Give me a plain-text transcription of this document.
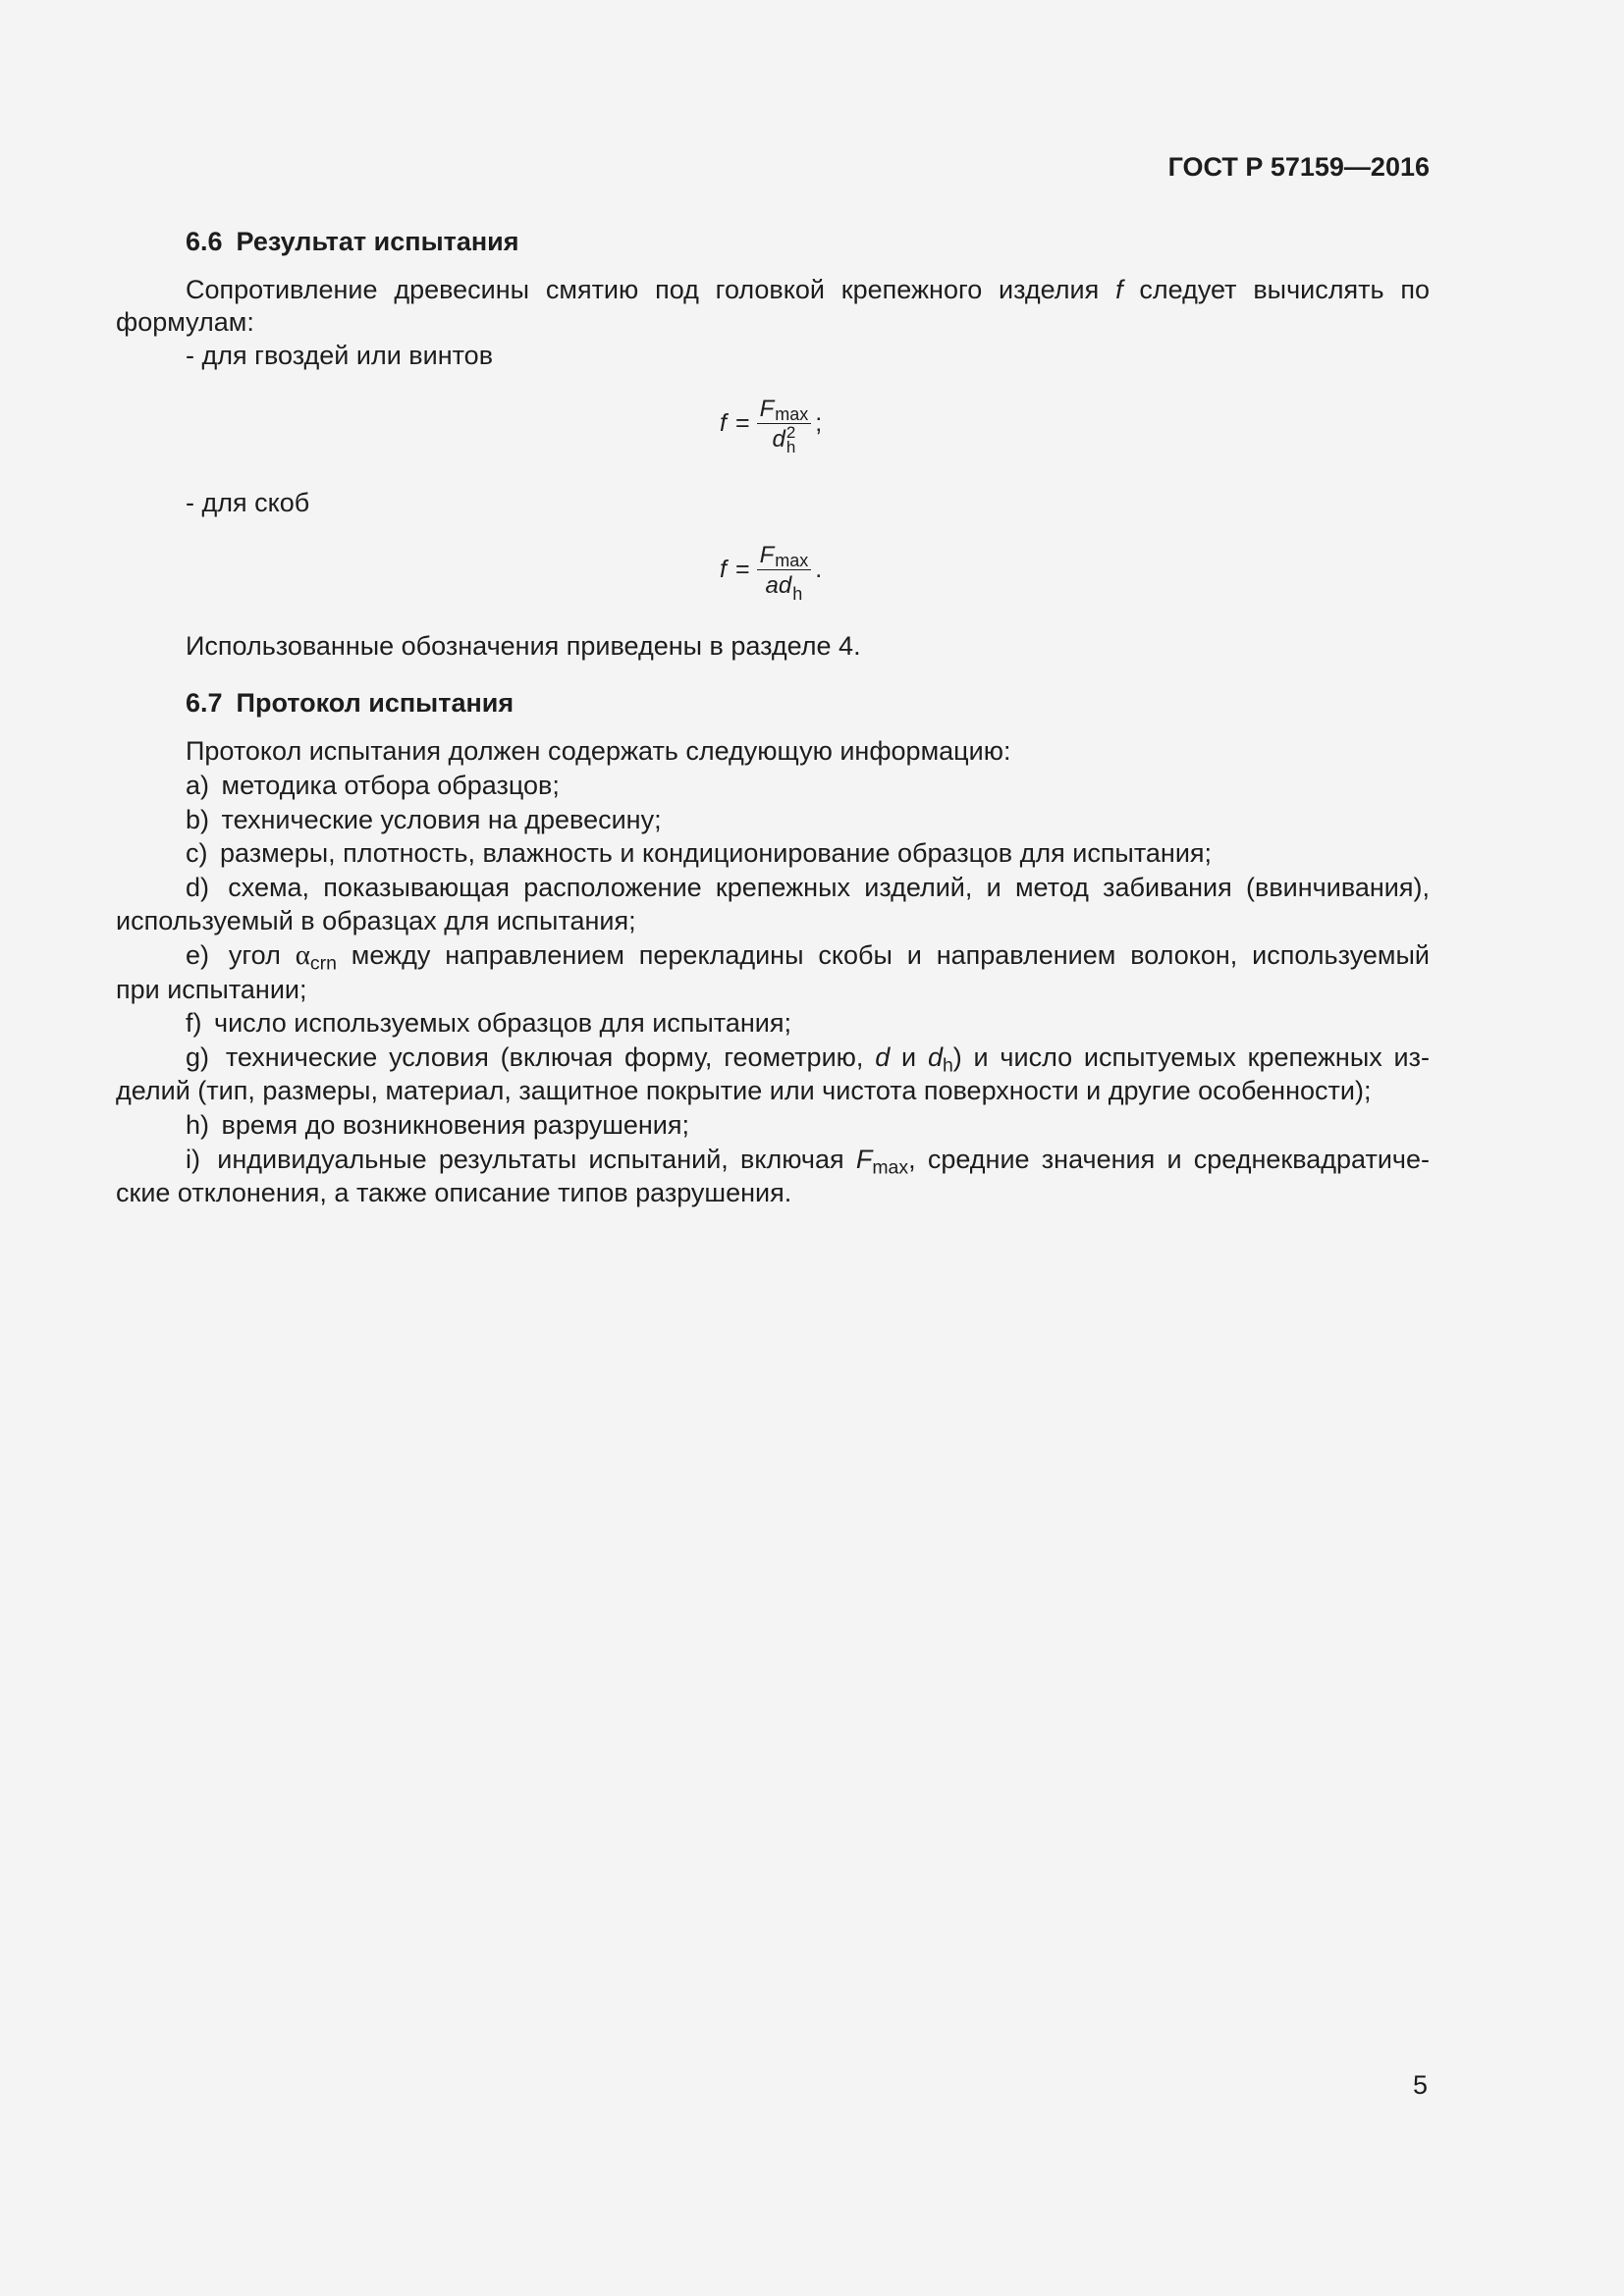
ГОСТ Р 57159—2016
6.6 Результат испытания
Сопротивление древесины смятию под головкой крепежного изделия f следует вычислять по
формулам:
- для гвоздей или винтов
f = F max
d 2
h ;
- для скоб
$f = \frac{\text{F max}}{\text{ad h}}$ .
Использованные обозначения приведены в разделе 4.
6.7 Протокол испытания
Протокол испытания должен содержать следующую информацию:
a) методика отбора образцов;
b) технические условия на древесину;
c) размеры, плотность, влажность и кондиционирование образцов для испытания;
d) схема, показывающая расположение крепежных изделий, и метод забивания (ввинчивания),
используемый в образцах для испытания;
e) угол $\alpha_{crn}$ между направлением перекладины скобы и направлением волокон, используемый
при испытании;
f) число используемых образцов для испытания;
g) технические условия (включая форму, геометрию, d и $d_h$) и число испытуемых крепежных из-
делий (тип, размеры, материал, защитное покрытие или чистота поверхности и другие особенности);
h) время до возникновения разрушения;
i) индивидуальные результаты испытаний, включая $F_{max}$, средние значения и среднеквадратиче-
ские отклонения, а также описание типов разрушения.
5
